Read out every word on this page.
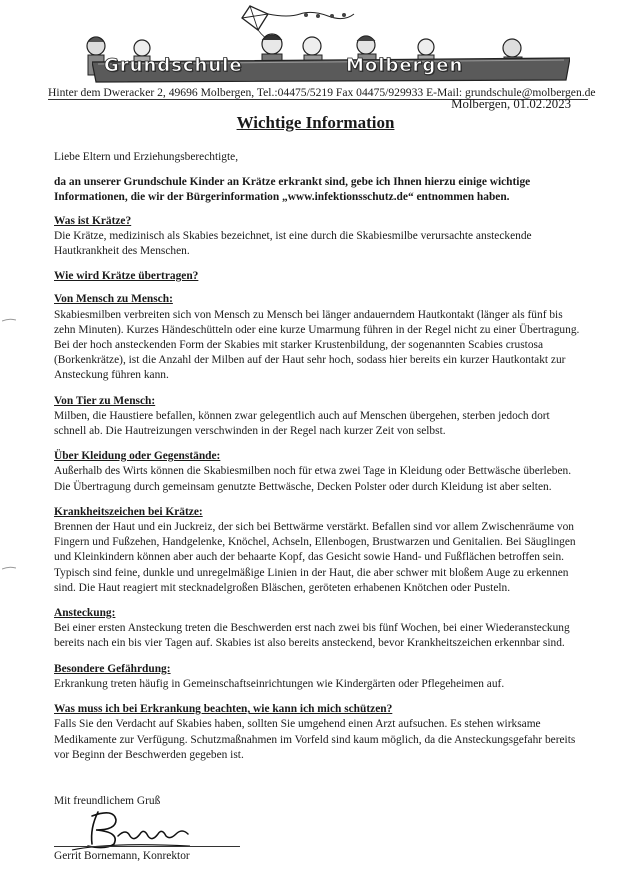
Grundschule	Molbergen
Hinter dem Dweracker 2, 49696 Molbergen, Tel.:04475/5219 Fax 04475/929933 E-Mail: grundschule@molbergen.de
Molbergen, 01.02.2023
Wichtige Information

Liebe Eltern und Erziehungsberechtigte,

da an unserer Grundschule Kinder an Krätze erkrankt sind, gebe ich Ihnen hierzu einige wichtige Informationen, die wir der Bürgerinformation „www.infektionsschutz.de“ entnommen haben.

Was ist Krätze?

Die Krätze, medizinisch als Skabies bezeichnet, ist eine durch die Skabiesmilbe verursachte ansteckende Hautkrankheit des Menschen.

Wie wird Krätze übertragen?

Von Mensch zu Mensch:

Skabiesmilben verbreiten sich von Mensch zu Mensch bei länger andauerndem Hautkontakt (länger als fünf bis zehn Minuten). Kurzes Händeschütteln oder eine kurze Umarmung führen in der Regel nicht zu einer Übertragung. Bei der hoch ansteckenden Form der Skabies mit starker Krustenbildung, der sogenannten Scabies crustosa (Borkenkrätze), ist die Anzahl der Milben auf der Haut sehr hoch, sodass hier bereits ein kurzer Hautkontakt zur Ansteckung führen kann.

Von Tier zu Mensch:

Milben, die Haustiere befallen, können zwar gelegentlich auch auf Menschen übergehen, sterben jedoch dort schnell ab. Die Hautreizungen verschwinden in der Regel nach kurzer Zeit von selbst.

Über Kleidung oder Gegenstände:

Außerhalb des Wirts können die Skabiesmilben noch für etwa zwei Tage in Kleidung oder Bettwäsche überleben. Die Übertragung durch gemeinsam genutzte Bettwäsche, Decken Polster oder durch Kleidung ist aber selten.

Krankheitszeichen bei Krätze:

Brennen der Haut und ein Juckreiz, der sich bei Bettwärme verstärkt. Befallen sind vor allem Zwischenräume von Fingern und Fußzehen, Handgelenke, Knöchel, Achseln, Ellenbogen, Brustwarzen und Genitalien. Bei Säuglingen und Kleinkindern können aber auch der behaarte Kopf, das Gesicht sowie Hand- und Fußflächen betroffen sein. Typisch sind feine, dunkle und unregelmäßige Linien in der Haut, die aber schwer mit bloßem Auge zu erkennen sind. Die Haut reagiert mit stecknadelgroßen Bläschen, geröteten erhabenen Knötchen oder Pusteln.

Ansteckung:

Bei einer ersten Ansteckung treten die Beschwerden erst nach zwei bis fünf Wochen, bei einer Wiederansteckung bereits nach ein bis vier Tagen auf. Skabies ist also bereits ansteckend, bevor Krankheitszeichen erkennbar sind.

Besondere Gefährdung:

Erkrankung treten häufig in Gemeinschaftseinrichtungen wie Kindergärten oder Pflegeheimen auf.

Was muss ich bei Erkrankung beachten, wie kann ich mich schützen?

Falls Sie den Verdacht auf Skabies haben, sollten Sie umgehend einen Arzt aufsuchen. Es stehen wirksame Medikamente zur Verfügung. Schutzmaßnahmen im Vorfeld sind kaum möglich, da die Ansteckungsgefahr bereits vor Beginn der Beschwerden gegeben ist.

Mit freundlichem Gruß
Gerrit Bornemann, Konrektor
